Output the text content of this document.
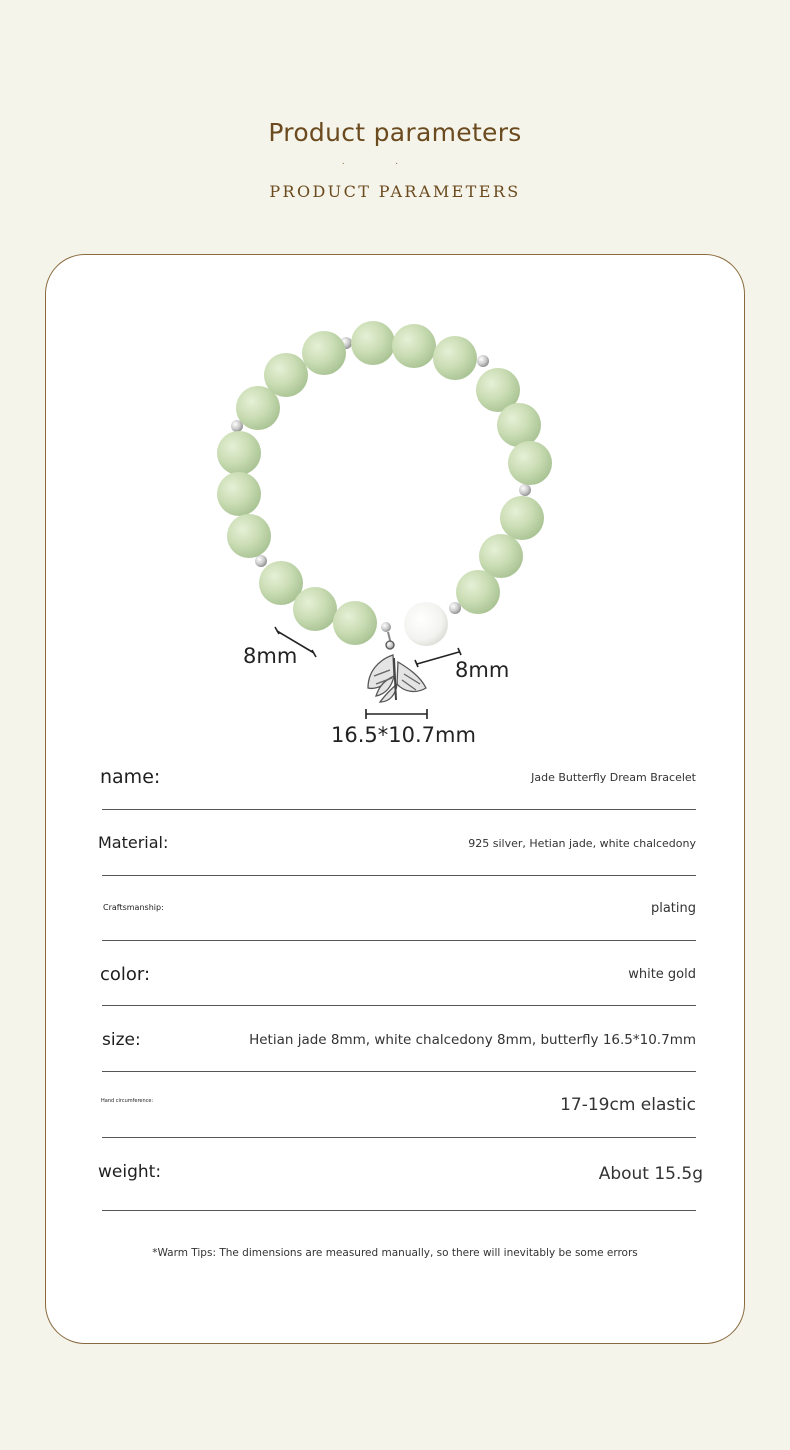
Product parameters
··
PRODUCT PARAMETERS
8mm
8mm
16.5*10.7mm
name:	Jade Butterfly Dream Bracelet
Material:	925 silver, Hetian jade, white chalcedony
Craftsmanship:	plating
color:	white gold
size:	Hetian jade 8mm, white chalcedony 8mm, butterfly 16.5*10.7mm
Hand circumference:	17-19cm elastic
weight:	About 15.5g
*Warm Tips: The dimensions are measured manually, so there will inevitably be some errors
